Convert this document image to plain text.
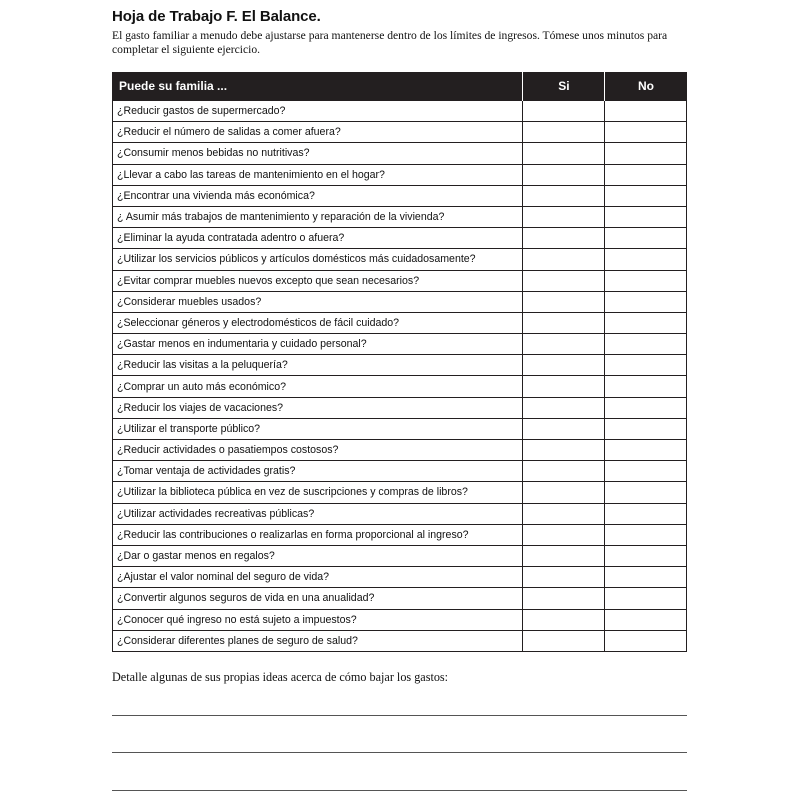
Hoja de Trabajo F. El Balance.

El gasto familiar a menudo debe ajustarse para mantenerse dentro de los límites de ingresos. Tómese unos minutos para completar el siguiente ejercicio.

Puede su familia ...	Si	No
¿Reducir gastos de supermercado?		
¿Reducir el número de salidas a comer afuera?		
¿Consumir menos bebidas no nutritivas?		
¿Llevar a cabo las tareas de mantenimiento en el hogar?		
¿Encontrar una vivienda más económica?		
¿ Asumir más trabajos de mantenimiento y reparación de la vivienda?		
¿Eliminar la ayuda contratada adentro o afuera?		
¿Utilizar los servicios públicos y artículos domésticos más cuidadosamente?		
¿Evitar comprar muebles nuevos excepto que sean necesarios?		
¿Considerar muebles usados?		
¿Seleccionar géneros y electrodomésticos de fácil cuidado?		
¿Gastar menos en indumentaria y cuidado personal?		
¿Reducir las visitas a la peluquería?		
¿Comprar un auto más económico?		
¿Reducir los viajes de vacaciones?		
¿Utilizar el transporte público?		
¿Reducir actividades o pasatiempos costosos?		
¿Tomar ventaja de actividades gratis?		
¿Utilizar la biblioteca pública en vez de suscripciones y compras de libros?		
¿Utilizar actividades recreativas públicas?		
¿Reducir las contribuciones o realizarlas en forma proporcional al ingreso?		
¿Dar o gastar menos en regalos?		
¿Ajustar el valor nominal del seguro de vida?		
¿Convertir algunos seguros de vida en una anualidad?		
¿Conocer qué ingreso no está sujeto a impuestos?		
¿Considerar diferentes planes de seguro de salud?		

Detalle algunas de sus propias ideas acerca de cómo bajar los gastos:
